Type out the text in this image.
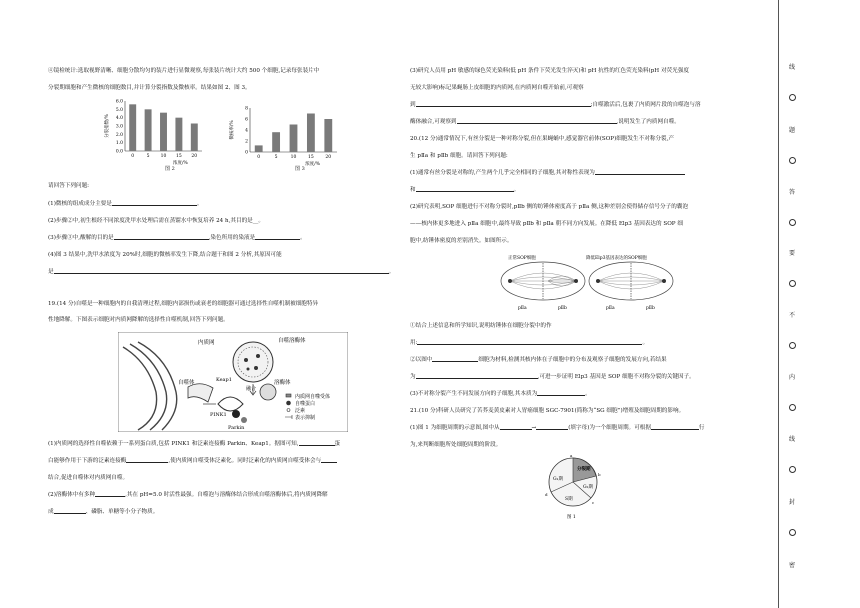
④镜检统计:选取视野清晰、细胞分散均匀的装片进行显微观察,每张装片统计大约 500 个细胞,记录每张装片中
分裂期细胞和产生微核的细胞数目,并计算分裂指数及微核率。结果如图 2、图 3。
0.0
1.0
2.0
3.0
4.0
5.0
6.0
0	5 10 15 20
浓度/%
分裂指数/%
图 2
0
2
4
6
8
0	5	10	15	20
浓度/%
微核率/%
图 3
请回答下列问题:
(1)微核的组成成分主要是	。
(2)步骤②中,初生根经不同浓度洗甲水处理后需在蒸馏水中恢复培养 24 h,其目的是__。
(3)步骤③中,酸解的目的是	,染色所用的染液是	。
(4)图 3 结果中,洗甲水浓度为 20%时,细胞的微核率发生下降,结合题干和图 2 分析,其原因可能
是	。
19.(14 分)自噬是一种细胞内的自我清理过程,细胞内部损伤或衰老的细胞器可通过选择性自噬机制被细胞特异
性地降解。下图表示细胞对内质网降解的选择性自噬机制,回答下列问题。
内质网	自噬溶酶体
融合
溶酶体
Keap1
自噬体
PINK1
Parkin
内质网自噬受体
自噬蛋白
泛素
表示抑制
(1)内质网的选择性自噬依赖于一系列蛋白质,包括 PINK1 和泛素连接酶 Parkin、Keap1。据图可知,	蛋
白能够作用于下游的泛素连接酶	,使内质网自噬受体泛素化。同时泛素化的内质网自噬受体会与
结合,促进自噬体对内质网自噬。
(2)溶酶体中有多种	,其在 pH=5.0 时活性最强。自噬泡与溶酶体结合形成自噬溶酶体后,将内质网降解
成	、磷脂、单糖等小分子物质。
(3)研究人员用 pH 敏感的绿色荧光染料(低 pH 条件下荧光发生淬灭)和 pH 抗性的红色荧光染料(pH 对荧光强度
无较大影响)标记果蝇肠上皮细胞的内质网,在内质网自噬开始前,可观察
到	;自噬激活后,包裹了内质网片段的自噬泡与溶
酶体融合,可观察到	,说明发生了内质网自噬。
20.(12 分)通常情况下,有丝分裂是一种对称分裂,但在果蝇蛹中,感觉器官前体(SOP)细胞发生不对称分裂,产
生 pⅡa 和 pⅡb 细胞。请回答下列问题:
(1)通常有丝分裂是对称的,产生两个几乎完全相同的子细胞,其对称性表现为
和	。
(2)研究表明,SOP 细胞进行不对称分裂时,pⅡb 侧的纺锤体密度高于 pⅡa 侧,这种差别会使得储存信号分子的囊泡
——核内体更多地进入 pⅡa 细胞中,最终导致 pⅡb 和 pⅡa 朝不同方向发展。在降低 Elp3 基因表达的 SOP 细
胞中,纺锤体密度的差别消失。如图所示。
正常SOP细胞	降低Elp3基因表达的SOP细胞
pⅡa	pⅡb	pⅡa	pⅡb
①结合上述信息和所学知识,说明纺锤体在细胞分裂中的作
用:	。
②以图中	细胞为材料,检测其核内体在子细胞中的分布及观察子细胞的发展方向,若结果
为	,可进一步证明 Elp3 基因是 SOP 细胞不对称分裂的关键因子。
(3)不对称分裂产生不同发展方向的子细胞,其本质为	。
21.(10 分)科研人员研究了苦荞麦黄皮素对人胃癌细胞 SGC-7901(简称为“SG 细胞”)增殖及细胞周期的影响。
(1)图 1 为细胞周期的示意图,图中从	→	(填字母)为一个细胞周期。可根据	行
为,来判断细胞所处细胞周期的阶段。
分裂期
G₁期
S期
G₂期
a
b
c
d
图 1
线
题
答
要
不
内
线
封
密
